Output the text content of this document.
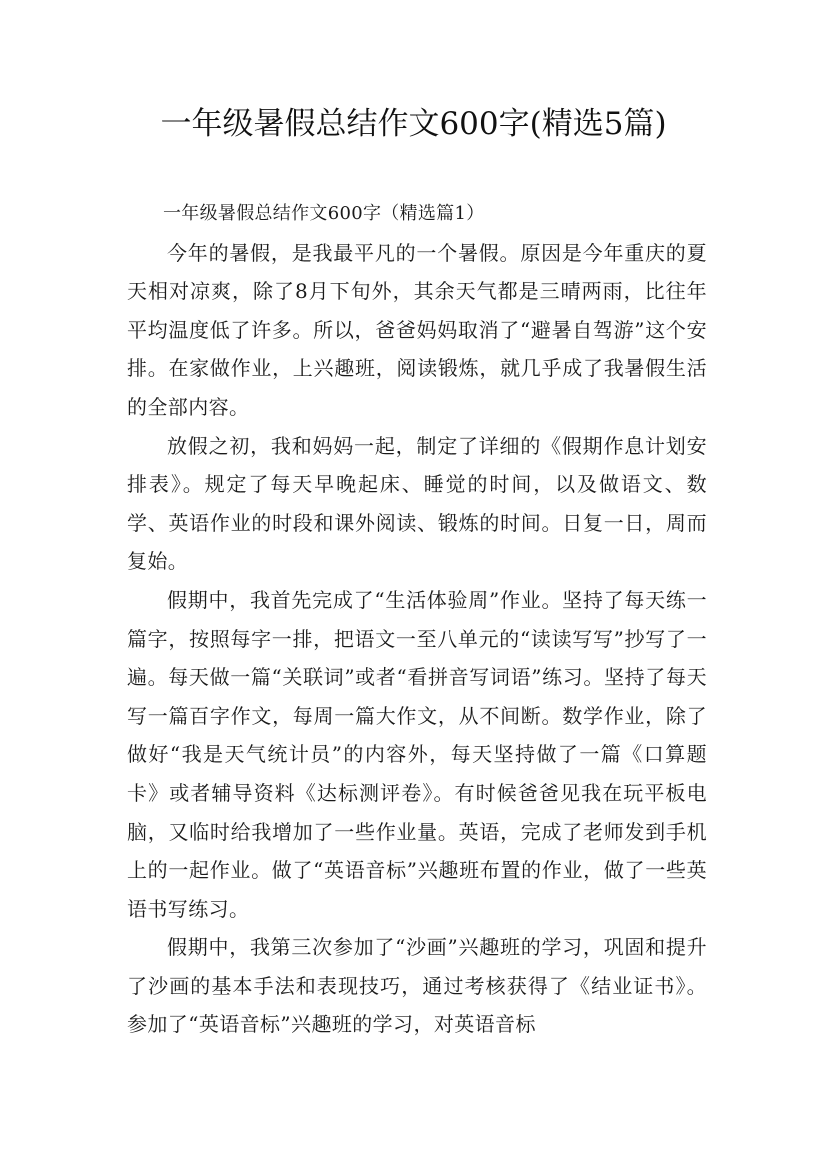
一年级暑假总结作文600字(精选5篇)

一年级暑假总结作文600字（精选篇1）

今年的暑假，是我最平凡的一个暑假。原因是今年重庆的夏天相对凉爽，除了8月下旬外，其余天气都是三晴两雨，比往年平均温度低了许多。所以，爸爸妈妈取消了“避暑自驾游”这个安排。在家做作业，上兴趣班，阅读锻炼，就几乎成了我暑假生活的全部内容。

放假之初，我和妈妈一起，制定了详细的《假期作息计划安排表》。规定了每天早晚起床、睡觉的时间，以及做语文、数学、英语作业的时段和课外阅读、锻炼的时间。日复一日，周而复始。

假期中，我首先完成了“生活体验周”作业。坚持了每天练一篇字，按照每字一排，把语文一至八单元的“读读写写”抄写了一遍。每天做一篇“关联词”或者“看拼音写词语”练习。坚持了每天写一篇百字作文，每周一篇大作文，从不间断。数学作业，除了做好“我是天气统计员”的内容外，每天坚持做了一篇《口算题卡》或者辅导资料《达标测评卷》。有时候爸爸见我在玩平板电脑，又临时给我增加了一些作业量。英语，完成了老师发到手机上的一起作业。做了“英语音标”兴趣班布置的作业，做了一些英语书写练习。

假期中，我第三次参加了“沙画”兴趣班的学习，巩固和提升了沙画的基本手法和表现技巧，通过考核获得了《结业证书》。参加了“英语音标”兴趣班的学习，对英语音标
